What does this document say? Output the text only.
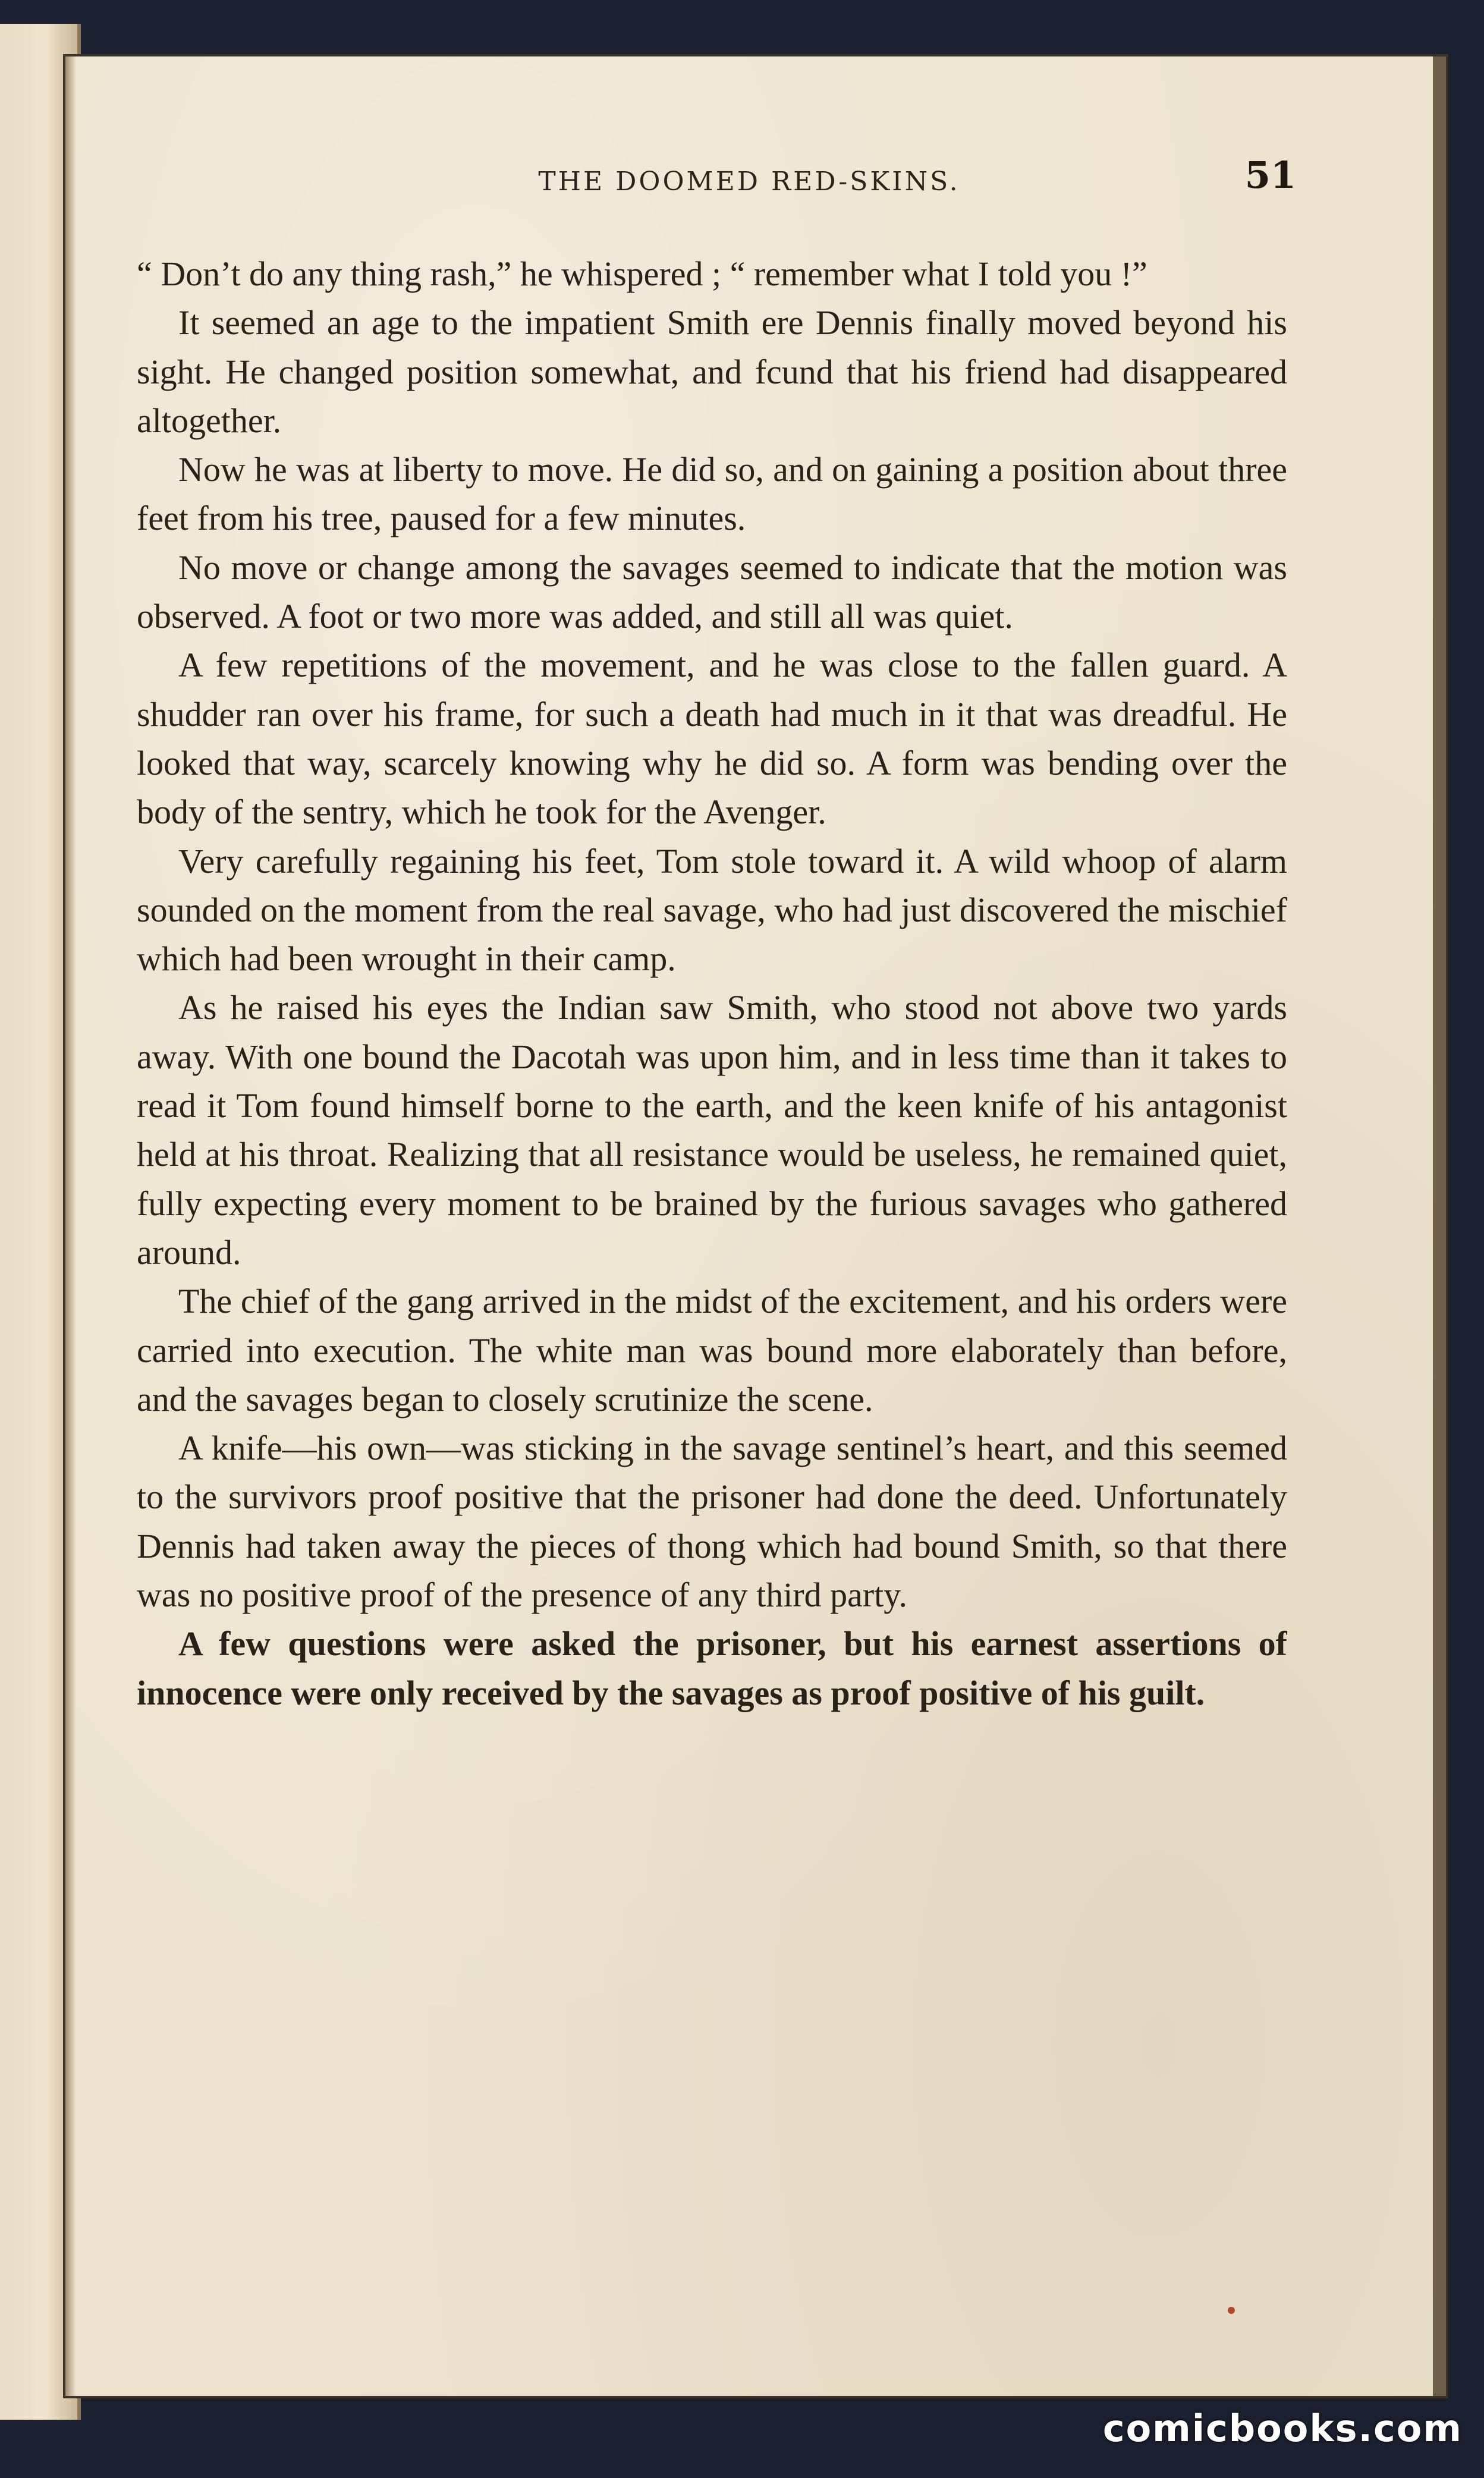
THE DOOMED RED-SKINS.	51

“ Don’t do any thing rash,” he whispered ; “ remember what I told you !”

It seemed an age to the impatient Smith ere Dennis finally moved beyond his sight. He changed position somewhat, and fcund that his friend had disappeared altogether.

Now he was at liberty to move. He did so, and on gaining a position about three feet from his tree, paused for a few minutes.

No move or change among the savages seemed to indicate that the motion was observed. A foot or two more was added, and still all was quiet.

A few repetitions of the movement, and he was close to the fallen guard. A shudder ran over his frame, for such a death had much in it that was dreadful. He looked that way, scarcely knowing why he did so. A form was bending over the body of the sentry, which he took for the Avenger.

Very carefully regaining his feet, Tom stole toward it. A wild whoop of alarm sounded on the moment from the real savage, who had just discovered the mischief which had been wrought in their camp.

As he raised his eyes the Indian saw Smith, who stood not above two yards away. With one bound the Dacotah was upon him, and in less time than it takes to read it Tom found himself borne to the earth, and the keen knife of his antagonist held at his throat. Realizing that all resistance would be useless, he remained quiet, fully expecting every moment to be brained by the furious savages who gathered around.

The chief of the gang arrived in the midst of the excitement, and his orders were carried into execution. The white man was bound more elaborately than before, and the savages began to closely scrutinize the scene.

A knife—his own—was sticking in the savage sentinel’s heart, and this seemed to the survivors proof positive that the prisoner had done the deed. Unfortunately Dennis had taken away the pieces of thong which had bound Smith, so that there was no positive proof of the presence of any third party.

A few questions were asked the prisoner, but his earnest assertions of innocence were only received by the savages as proof positive of his guilt.

comicbooks.com
